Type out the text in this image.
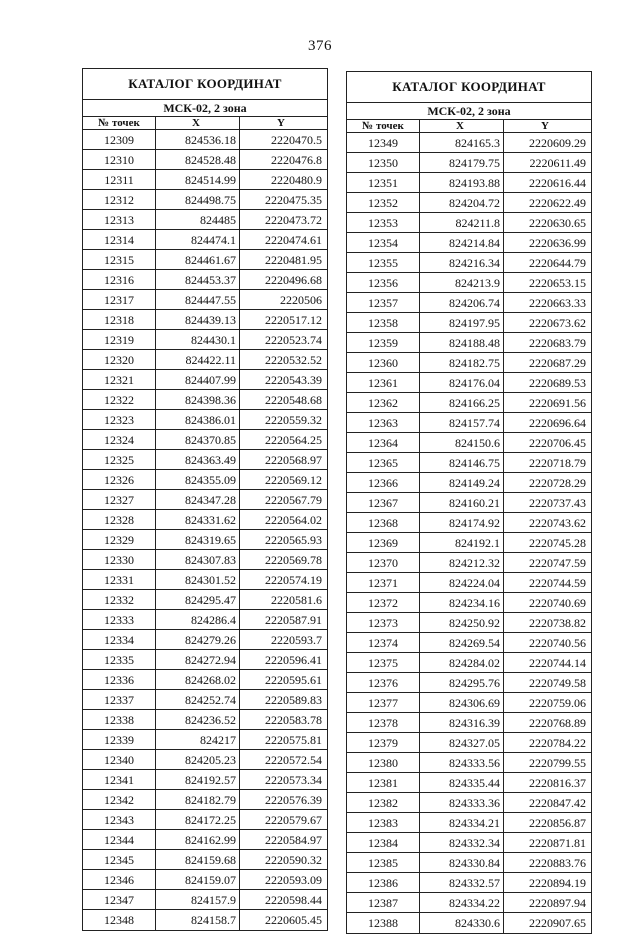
376
КАТАЛОГ КООРДИНАТ
МСК-02, 2 зона
№ точек	X	Y
12309	824536.18	2220470.5
12310	824528.48	2220476.8
12311	824514.99	2220480.9
12312	824498.75	2220475.35
12313	824485	2220473.72
12314	824474.1	2220474.61
12315	824461.67	2220481.95
12316	824453.37	2220496.68
12317	824447.55	2220506
12318	824439.13	2220517.12
12319	824430.1	2220523.74
12320	824422.11	2220532.52
12321	824407.99	2220543.39
12322	824398.36	2220548.68
12323	824386.01	2220559.32
12324	824370.85	2220564.25
12325	824363.49	2220568.97
12326	824355.09	2220569.12
12327	824347.28	2220567.79
12328	824331.62	2220564.02
12329	824319.65	2220565.93
12330	824307.83	2220569.78
12331	824301.52	2220574.19
12332	824295.47	2220581.6
12333	824286.4	2220587.91
12334	824279.26	2220593.7
12335	824272.94	2220596.41
12336	824268.02	2220595.61
12337	824252.74	2220589.83
12338	824236.52	2220583.78
12339	824217	2220575.81
12340	824205.23	2220572.54
12341	824192.57	2220573.34
12342	824182.79	2220576.39
12343	824172.25	2220579.67
12344	824162.99	2220584.97
12345	824159.68	2220590.32
12346	824159.07	2220593.09
12347	824157.9	2220598.44
12348	824158.7	2220605.45
КАТАЛОГ КООРДИНАТ
МСК-02, 2 зона
№ точек	X	Y
12349	824165.3	2220609.29
12350	824179.75	2220611.49
12351	824193.88	2220616.44
12352	824204.72	2220622.49
12353	824211.8	2220630.65
12354	824214.84	2220636.99
12355	824216.34	2220644.79
12356	824213.9	2220653.15
12357	824206.74	2220663.33
12358	824197.95	2220673.62
12359	824188.48	2220683.79
12360	824182.75	2220687.29
12361	824176.04	2220689.53
12362	824166.25	2220691.56
12363	824157.74	2220696.64
12364	824150.6	2220706.45
12365	824146.75	2220718.79
12366	824149.24	2220728.29
12367	824160.21	2220737.43
12368	824174.92	2220743.62
12369	824192.1	2220745.28
12370	824212.32	2220747.59
12371	824224.04	2220744.59
12372	824234.16	2220740.69
12373	824250.92	2220738.82
12374	824269.54	2220740.56
12375	824284.02	2220744.14
12376	824295.76	2220749.58
12377	824306.69	2220759.06
12378	824316.39	2220768.89
12379	824327.05	2220784.22
12380	824333.56	2220799.55
12381	824335.44	2220816.37
12382	824333.36	2220847.42
12383	824334.21	2220856.87
12384	824332.34	2220871.81
12385	824330.84	2220883.76
12386	824332.57	2220894.19
12387	824334.22	2220897.94
12388	824330.6	2220907.65
